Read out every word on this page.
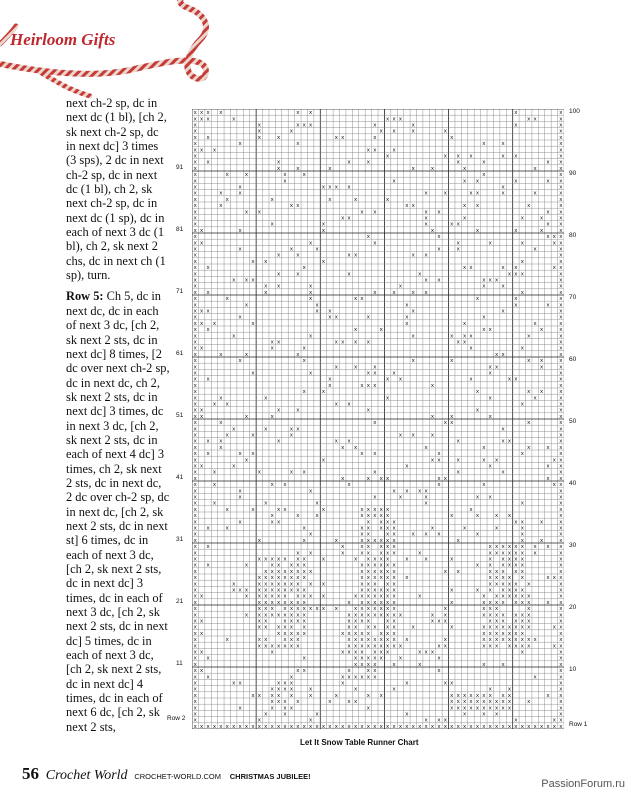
Heirloom Gifts

next ch-2 sp, dc in next dc (1 bl), [ch 2, sk next ch-2 sp, dc in next dc] 3 times (3 sps), 2 dc in next ch-2 sp, dc in next dc (1 bl), ch 2, sk next ch-2 sp, dc in next dc (1 sp), dc in each of next 3 dc (1 bl), ch 2, sk next 2 chs, dc in next ch (1 sp), turn.

Row 5: Ch 5, dc in next dc, dc in each of next 3 dc, [ch 2, sk next 2 sts, dc in next dc] 8 times, [2 dc over next ch-2 sp, dc in next dc, ch 2, sk next 2 sts, dc in next dc] 3 times, dc in next 3 dc, [ch 2, sk next 2 sts, dc in each of next 4 dc] 3 times, ch 2, sk next 2 sts, dc in next dc, 2 dc over ch-2 sp, dc in next dc, [ch 2, sk next 2 sts, dc in next st] 6 times, dc in each of next 3 dc, [ch 2, sk next 2 sts, dc in next dc] 3 times, dc in each of next 3 dc, [ch 2, sk next 2 sts, dc in next dc] 5 times, dc in each of next 3 dc, [ch 2, sk next 2 sts, dc in next dc] 4 times, dc in each of next 6 dc, [ch 2, sk next 2 sts,	x	x
x	x
x	x
x	x
x	x
x	x
x	x
x	x
x	x
x	x
x	x
x	x
x	x
x	x
x	x
x	x
x	x
x	x
x	x
x	x
x	x
x	x
x	x
x	x
x	x
x	x
x	x
x	x
x	x
x	x
x	x
x	x
x	x
x	x
x	x
x	x
x	x
x	x
x	x
x	x
x	x
x	x
x	x
x	x
x	x
x	x
x	x
x	x
x	x
x	x
x	x
x	x
x	x
x	x
x	x
x	x
x	x
x	x
x	x
x	x
x	x
x	x
x	x
x	x
x	x
x	x
x	x
x	x
x	x
x	x
x	x
x	x
x	x
x	x
x	x
x	x
x	x
x	x
x	x
x	x
x	x
x	x
x	x
x	x
x	x
x	x
x	x
x	x
x	x
x	x
x	x
x	x
x	x
x	x
x	x
x	x
x	x
x	x
x	x
x	x
x x x x x x x x x x x x x x x x x x x x x x x x x x x x x x x x x x x x x x x x x x x x x x x x x x x x x x x x
x
x
x	x	x
x
x
x	x
x
x
x	x
x	x
x
x	x
x
x	x
x
x	x
x
x x
x
x	x	x	x	x
x	x
x	x
x
x	x
x
x	x
x	x
x
x
x x	x
x
x	x
x
x	x
x	x
x
x	x	x
x
x	x
x	x	x
x	x
x	x	x
x
x	x x
x
x
x	x	x
x
x	x	x
x	x
x	x
x	x	x
x
x	x
x x
x
x	x
x	x
x	x
x	x	x	x x
x
x	x
x
x	x
x
x
x	x
x x
x	x
x	x
x
x	x
x	x
x	x
x
x	x
x x
x	x
x
x
x	x	x
x
x	x
x
x x	x	x
x
x	x
x	x	x
x
x
x	x
x	x
x
x
x
x
x	x
x	x
x
x	x
x
x	x x
x
x
x	x
x	x
x
x
x	x	x
x	x x
x	x
x
x	x
x	x
x
x	x
x
x	x	x
x	x	x
x
x
x	x
x
x
x
x	x	x	x x
x	x	x
x
x
x
x	x
x
x	x
x
x
x
x	x
x
x
x	x
x
x
x	x
x	x	x
x x
x
x
x
x
x
x	x	x
x
x	x	x
x
x
x	x	x
x x
x	x
x
x	x
x
x	x
x x
x x
x	x
x	x
x
x
x	x
x
x	x
x	x
x
x
x	x
x	x
x
x	x	x	x
x	x
x	x
x
x	x	x	x	x
x
x
x	x
x	x
x x
x
x	x
x	x
x
x
x
x
x
x	x
x
x	x
x
x x
x
x	x	x
x	x
x
x	x
x	x	x
x
x	x
x
x	x	x
x x
x	x	x
x
x	x
x
x	x
x	x
x	x
x
x
x	x
x	x	x
x	x
x	x
x
x	x
x	x
x
x	x
x	x x
x
x
x	x
x
x
x
x	x	x	x	x
x	x
x	x
x
x
x	x	x
x	x
x
x	x
x
x
x
x
x	x
x	x
x	x
x
x	x
x
x	x	x
x	x
x	x
x	x	x
x
x	x
x
x	x
x	x
x
x
x	x	x
x
x
x x	x	x
x	x	x
x
x x
x	x
x
x
x	x
x	x
x	x	x
x
x
x
x	x
x
x	x
x	x	x	x
x
x
x	x x
x	x
x
x
x x	x
x
x	x
x
x x
x	x
x
x	x
x
x	x	x x
x	x
x
x
x
x	x	x
x	x	x
x x
x x
x	x	x
x
x	x
x
x	x	x
x
x	x	x
x
x	x
x	x
x	x
x
x
x
x	x
x	x
x
x x
x
x	x	x
x	x x
x	x
x	x
x	x
x
x	x	x
x	x	x
x	x
x
x	x	x
x
x
x x	x	x
x
x
x x
x	x
x	x
x
x	x
x	x
x x x
x x x
x x x
x x x x
x x
x x x x x
x x	x x
x x x x
x x x x x x
x x	x x x
x x x x x x x
x x x	x x x
x x x x x x x x
x x x x x x x
x x x x x x x x
x x x x x x
x x x	x x
x x x x x x
x x x x
x x x x x x x
x x x
x x
x x x
x x
x x x x x
x x x x x x x
x x x x x x x
x x x x x x
x x x x x x
x x x x	x
x x x x x x x x
x x x x x x
x x x x x
x x x x x x
x x x x x x
x x x x
x x x x x x
x x x x x
x x x x
x x x x
x x x x x
x x x x x
x x x x x x
x	x x
x x x x x
x x x
x x x x x
x	x x
x x x x x x x
x x x x x x x x x
x x x x x x x x
x x x x x x
x x x x x x x
x x x x x
x x x x x
x x x x x x
x x x x x x
x x x	x
x x x x x x
x x x x x x
x x x x x
x x x x
x x x x x
x x x x
x x x x x
x x x x x
x x x x x
x x x x x x
91
81
71
61
51
41
31
21
11
100
90
80
70
60
50
40
30
20
10
Row 2
Row 1
Let It Snow Table Runner Chart
56 Crochet World CROCHET-WORLD.COM CHRISTMAS JUBILEE!
PassionForum.ru
